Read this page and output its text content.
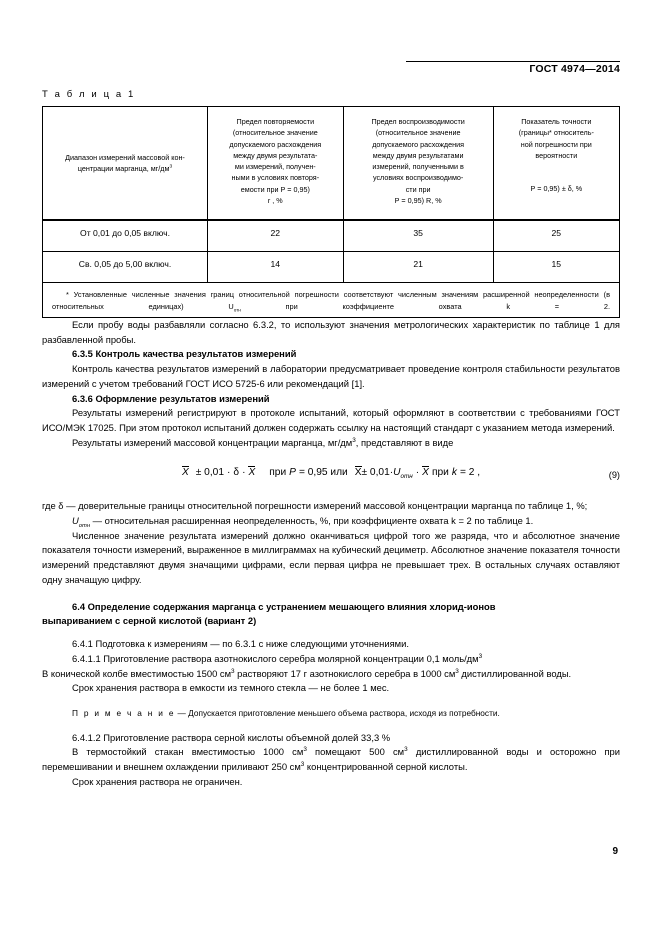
ГОСТ 4974—2014
Т а б л и ц а 1
Диапазон измерений массовой кон-
центрации марганца, $мг/дм^3$

Предел повторяемости
(относительное значение
допускаемого расхождения
между двумя результата-
ми измерений, получен-
ными в условиях повторя-
емости при Р = 0,95)
r , %

Предел воспроизводимости
(относительное значение
допускаемого расхождения
между двумя результатами
измерений, полученными в
условиях воспроизводимо-
сти при
Р = 0,95) R, %

Показатель точности
(границы* относитель-
ной погрешности при
вероятности
Р = 0,95) ± δ, %

От 0,01 до 0,05 включ.	22	35	25

Св. 0,05 до 5,00 включ.	14	21	15

* Установленные численные значения границ относительной погрешности соответствуют численным значениям расширенной неопределенности (в относительных единицах) $U_{отн}$ при коэффициенте охвата k = 2.			

Если пробу воды разбавляли согласно 6.3.2, то используют значения метрологических характеристик по таблице 1 для разбавленной пробы.

6.3.5 Контроль качества результатов измерений

Контроль качества результатов измерений в лаборатории предусматривает проведение контроля стабильности результатов измерений с учетом требований ГОСТ ИСО 5725-6 или рекомендаций [1].

6.3.6 Оформление результатов измерений

Результаты измерений регистрируют в протоколе испытаний, который оформляют в соответствии с требованиями ГОСТ ИСО/МЭК 17025. При этом протокол испытаний должен содержать ссылку на настоящий стандарт с указанием метода измерений.

Результаты измерений массовой концентрации марганца, $мг/дм^3$, представляют в виде

X ± 0,01 · δ · X при P = 0,95 или $X\pm 0,01\cdot U_{отн} \cdot X$ при k = 2 ,	(9)

где δ — доверительные границы относительной погрешности измерений массовой концентрации марганца по таблице 1, %;

$U_{отн}$ — относительная расширенная неопределенность, %, при коэффициенте охвата k = 2 по таблице 1.

Численное значение результата измерений должно оканчиваться цифрой того же разряда, что и абсолютное значение показателя точности измерений, выраженное в миллиграммах на кубический дециметр. Абсолютное значение показателя точности измерений представляют двумя значащими цифрами, если первая цифра не превышает трех. В остальных случаях оставляют одну значащую цифру.

6.4 Определение содержания марганца с устранением мешающего влияния хлорид-ионов

выпариванием с серной кислотой (вариант 2)

6.4.1 Подготовка к измерениям — по 6.3.1 с ниже следующими уточнениями.

6.4.1.1 Приготовление раствора азотнокислого серебра молярной концентрации 0,1 моль/$дм^3$

В конической колбе вместимостью 1500 $см^3$ растворяют 17 г азотнокислого серебра в 1000 $см^3$ дистиллированной воды.

Срок хранения раствора в емкости из темного стекла — не более 1 мес.

П р и м е ч а н и е — Допускается приготовление меньшего объема раствора, исходя из потребности.

6.4.1.2 Приготовление раствора серной кислоты объемной долей 33,3 %

В термостойкий стакан вместимостью 1000 $см^3$ помещают 500 $см^3$ дистиллированной воды и осторожно при перемешивании и внешнем охлаждении приливают 250 $см^3$ концентрированной серной кислоты.

Срок хранения раствора не ограничен.

9
